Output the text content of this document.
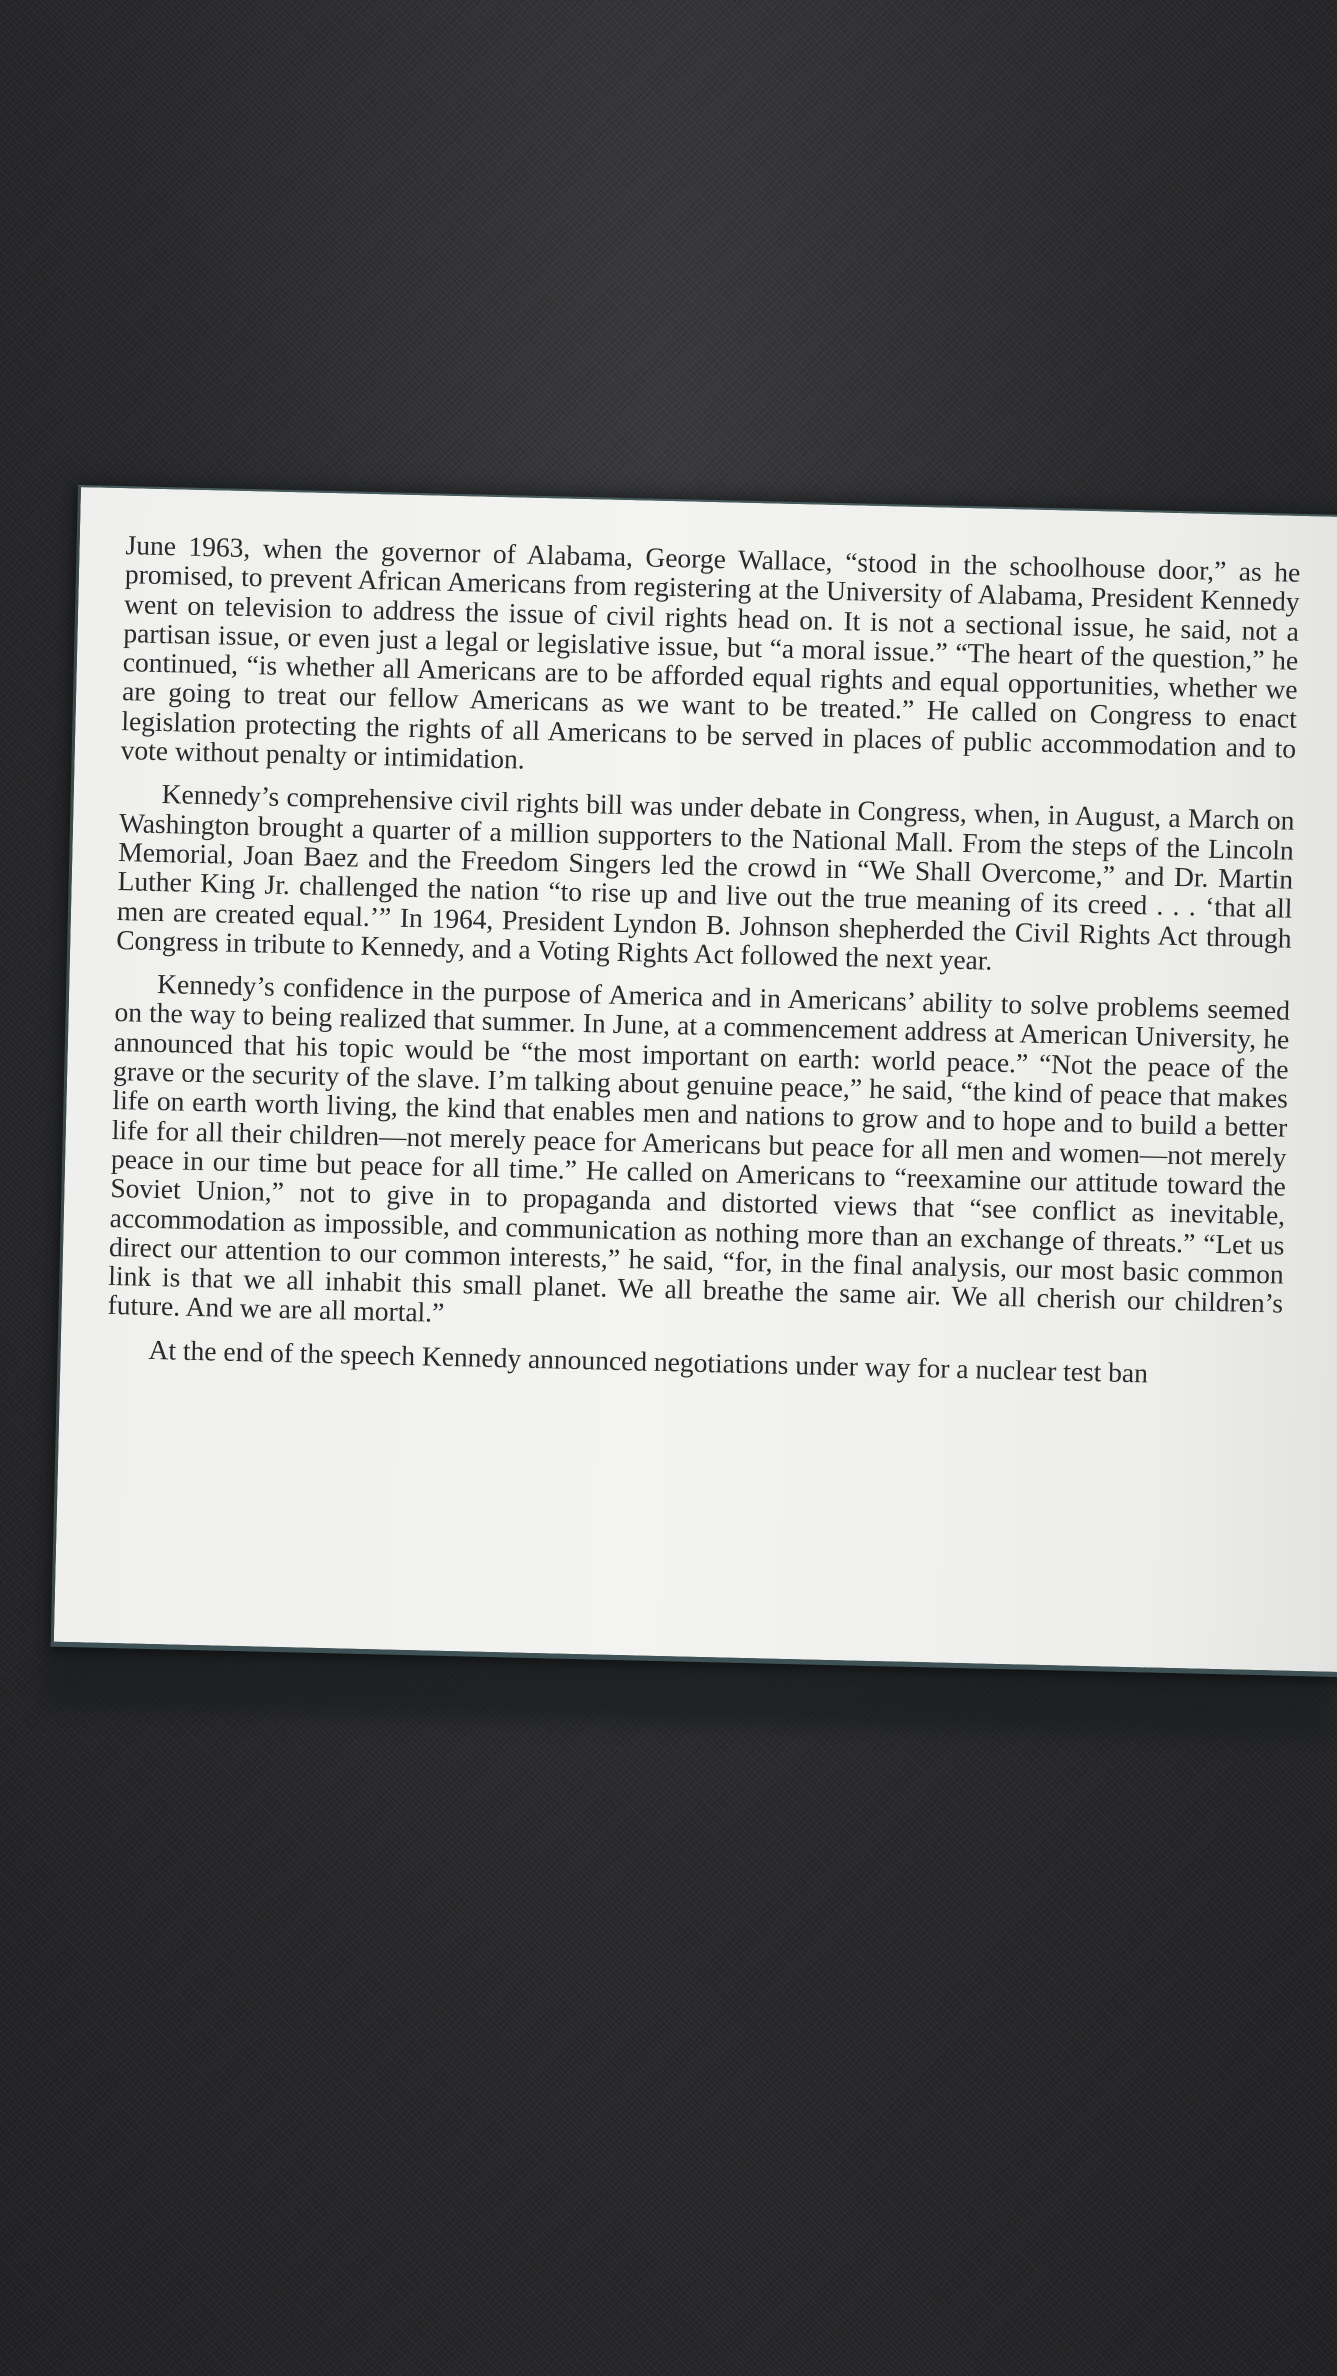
June 1963, when the governor of Alabama, George Wallace, “stood in the schoolhouse door,” as he promised, to prevent African Americans from registering at the University of Alabama, President Kennedy went on television to address the issue of civil rights head on. It is not a sectional issue, he said, not a partisan issue, or even just a legal or legislative issue, but “a moral issue.” “The heart of the question,” he continued, “is whether all Americans are to be afforded equal rights and equal opportunities, whether we are going to treat our fellow Americans as we want to be treated.” He called on Congress to enact legislation protecting the rights of all Americans to be served in places of public accommodation and to vote without penalty or intimidation.

Kennedy’s comprehensive civil rights bill was under debate in Congress, when, in August, a March on Washington brought a quarter of a million supporters to the National Mall. From the steps of the Lincoln Memorial, Joan Baez and the Freedom Singers led the crowd in “We Shall Overcome,” and Dr. Martin Luther King Jr. challenged the nation “to rise up and live out the true meaning of its creed . . . ‘that all men are created equal.’” In 1964, President Lyndon B. Johnson shepherded the Civil Rights Act through Congress in tribute to Kennedy, and a Voting Rights Act followed the next year.

Kennedy’s confidence in the purpose of America and in Americans’ ability to solve problems seemed on the way to being realized that summer. In June, at a commencement address at American University, he announced that his topic would be “the most important on earth: world peace.” “Not the peace of the grave or the security of the slave. I’m talking about genuine peace,” he said, “the kind of peace that makes life on earth worth living, the kind that enables men and nations to grow and to hope and to build a better life for all their children—not merely peace for Americans but peace for all men and women—not merely peace in our time but peace for all time.” He called on Americans to “reexamine our attitude toward the Soviet Union,” not to give in to propaganda and distorted views that “see conflict as inevitable, accommodation as impossible, and communication as nothing more than an exchange of threats.” “Let us direct our attention to our common interests,” he said, “for, in the final analysis, our most basic common link is that we all inhabit this small planet. We all breathe the same air. We all cherish our children’s future. And we are all mortal.”

At the end of the speech Kennedy announced negotiations under way for a nuclear test ban
